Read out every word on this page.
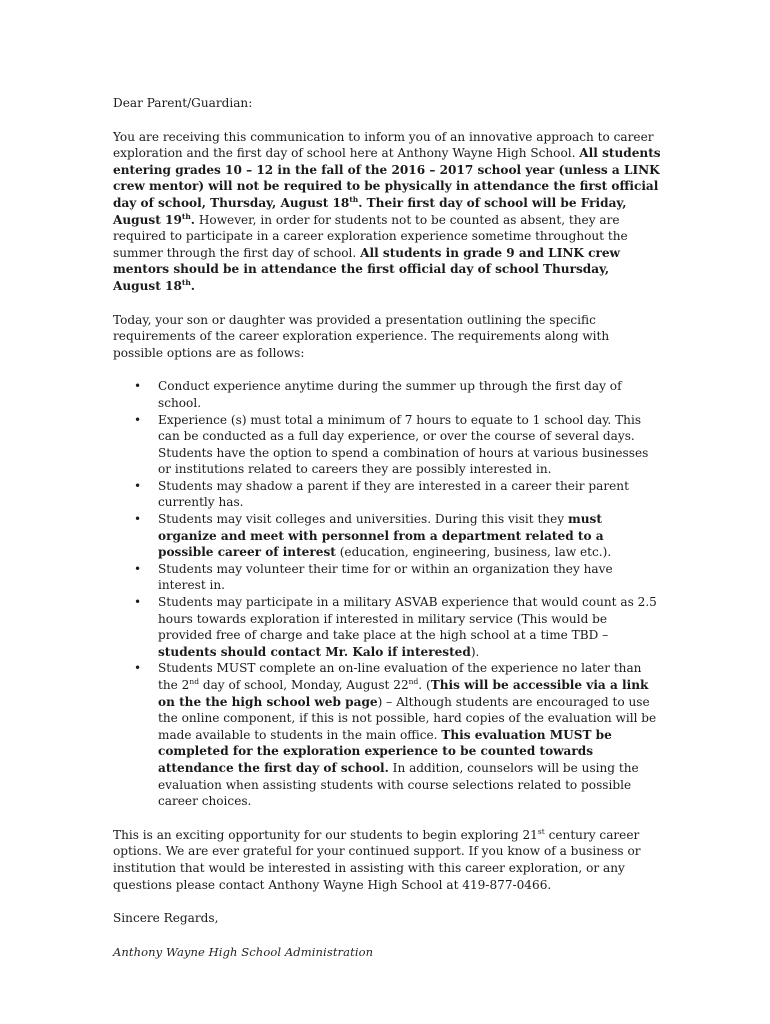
Dear Parent/Guardian:

You are receiving this communication to inform you of an innovative approach to career exploration and the first day of school here at Anthony Wayne High School. All students entering grades 10 – 12 in the fall of the 2016 – 2017 school year (unless a LINK crew mentor) will not be required to be physically in attendance the first official day of school, Thursday, August 18th. Their first day of school will be Friday, August 19th. However, in order for students not to be counted as absent, they are required to participate in a career exploration experience sometime throughout the summer through the first day of school. All students in grade 9 and LINK crew mentors should be in attendance the first official day of school Thursday, August 18th.

Today, your son or daughter was provided a presentation outlining the specific requirements of the career exploration experience. The requirements along with possible options are as follows:

• Conduct experience anytime during the summer up through the first day of school.
• Experience (s) must total a minimum of 7 hours to equate to 1 school day. This can be conducted as a full day experience, or over the course of several days. Students have the option to spend a combination of hours at various businesses or institutions related to careers they are possibly interested in.
• Students may shadow a parent if they are interested in a career their parent currently has.
• Students may visit colleges and universities. During this visit they must organize and meet with personnel from a department related to a possible career of interest (education, engineering, business, law etc.).
• Students may volunteer their time for or within an organization they have interest in.
• Students may participate in a military ASVAB experience that would count as 2.5 hours towards exploration if interested in military service (This would be provided free of charge and take place at the high school at a time TBD – students should contact Mr. Kalo if interested).
• Students MUST complete an on-line evaluation of the experience no later than the 2nd day of school, Monday, August 22nd. (This will be accessible via a link on the the high school web page) – Although students are encouraged to use the online component, if this is not possible, hard copies of the evaluation will be made available to students in the main office. This evaluation MUST be completed for the exploration experience to be counted towards attendance the first day of school. In addition, counselors will be using the evaluation when assisting students with course selections related to possible career choices.

This is an exciting opportunity for our students to begin exploring 21st century career options. We are ever grateful for your continued support. If you know of a business or institution that would be interested in assisting with this career exploration, or any questions please contact Anthony Wayne High School at 419-877-0466.

Sincere Regards,

Anthony Wayne High School Administration
